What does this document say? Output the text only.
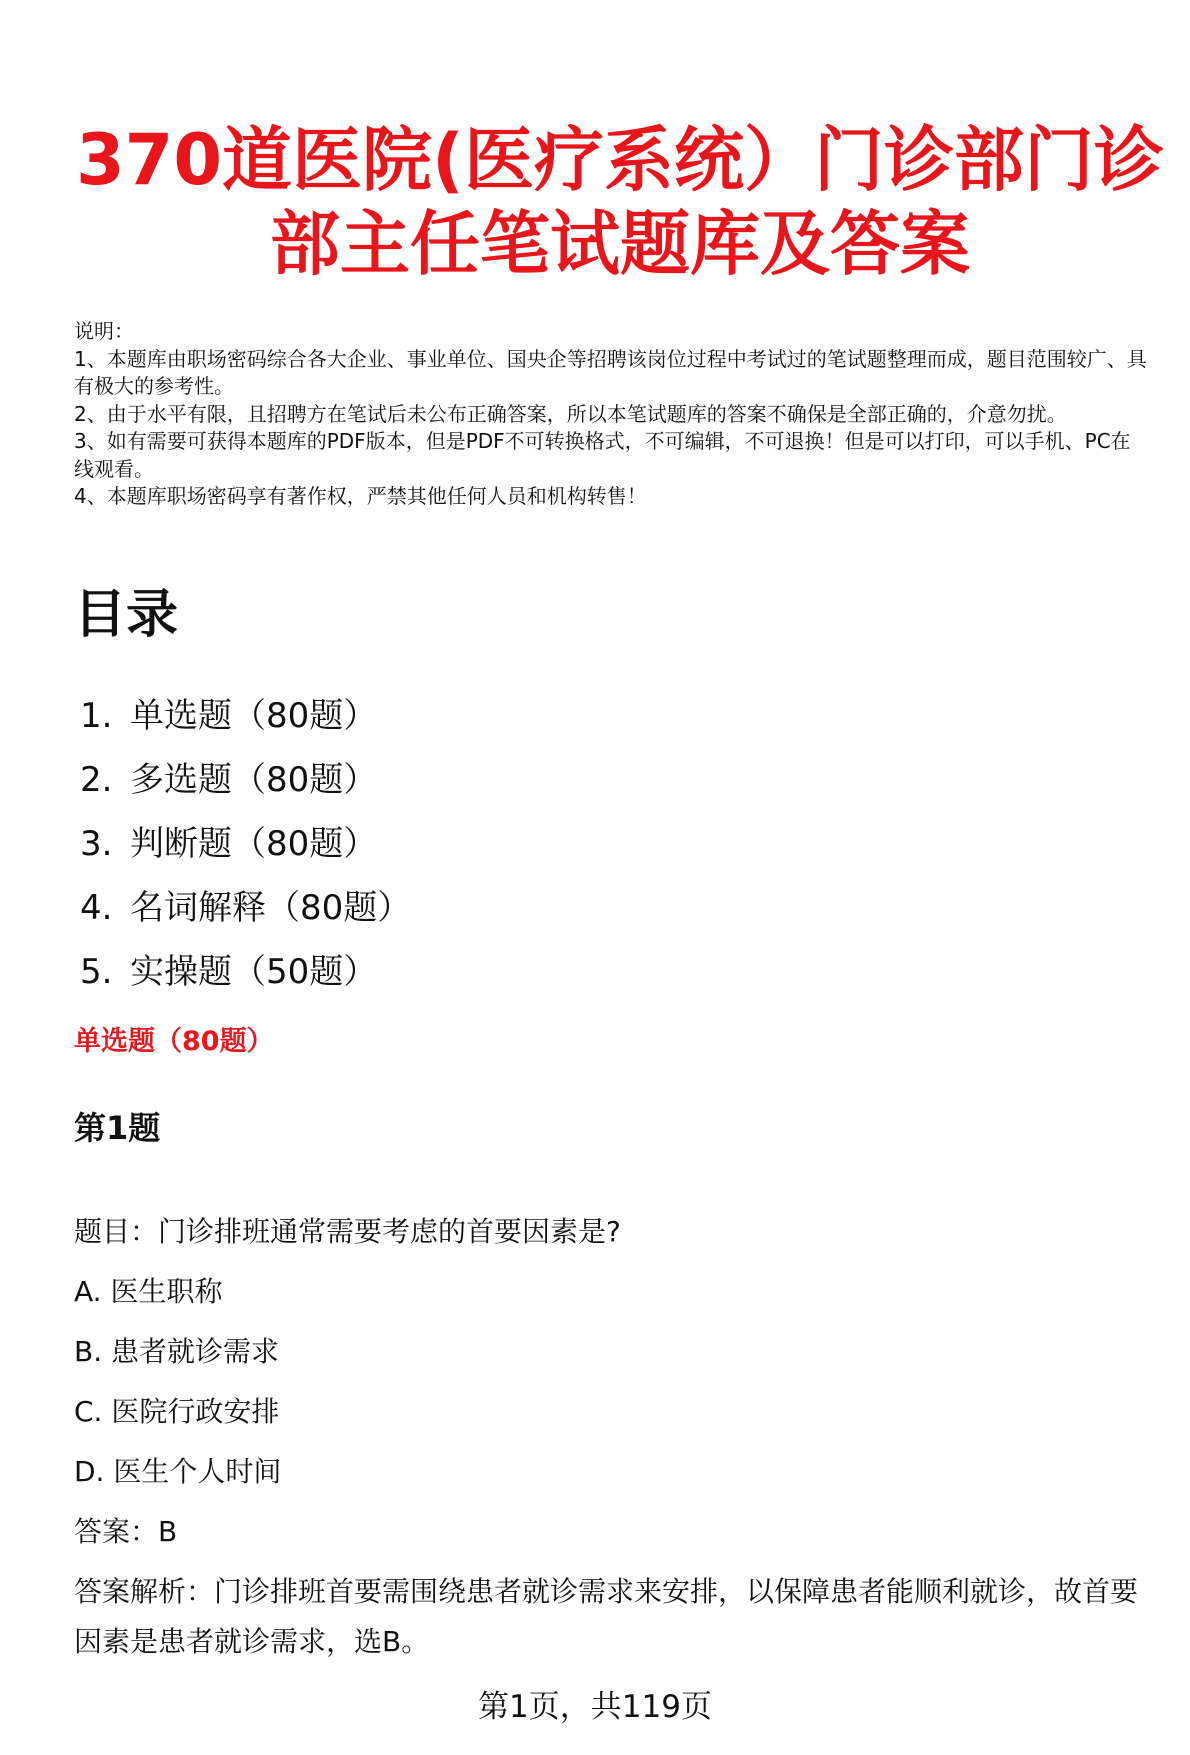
370道医院(医疗系统）门诊部门诊部主任笔试题库及答案
说明：
1、本题库由职场密码综合各大企业、事业单位、国央企等招聘该岗位过程中考试过的笔试题整理而成，题目范围较广、具有极大的参考性。
2、由于水平有限，且招聘方在笔试后未公布正确答案，所以本笔试题库的答案不确保是全部正确的，介意勿扰。
3、如有需要可获得本题库的PDF版本，但是PDF不可转换格式，不可编辑，不可退换！但是可以打印，可以手机、PC在线观看。
4、本题库职场密码享有著作权，严禁其他任何人员和机构转售！
目录
1. 单选题（80题）
2. 多选题（80题）
3. 判断题（80题）
4. 名词解释（80题）
5. 实操题（50题）
单选题（80题）
第1题
题目：门诊排班通常需要考虑的首要因素是?
A. 医生职称
B. 患者就诊需求
C. 医院行政安排
D. 医生个人时间
答案：B
答案解析：门诊排班首要需围绕患者就诊需求来安排，以保障患者能顺利就诊，故首要因素是患者就诊需求，选B。
第1页，共119页
